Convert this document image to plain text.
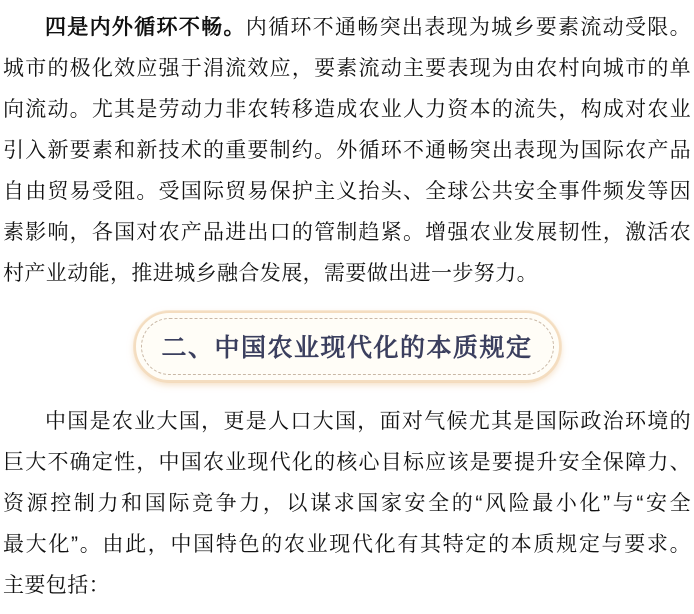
四是内外循环不畅。内循环不通畅突出表现为城乡要素流动受限。
城市的极化效应强于涓流效应，要素流动主要表现为由农村向城市的单
向流动。尤其是劳动力非农转移造成农业人力资本的流失，构成对农业
引入新要素和新技术的重要制约。外循环不通畅突出表现为国际农产品
自由贸易受阻。受国际贸易保护主义抬头、全球公共安全事件频发等因
素影响，各国对农产品进出口的管制趋紧。增强农业发展韧性，激活农
村产业动能，推进城乡融合发展，需要做出进一步努力。

二、中国农业现代化的本质规定

中国是农业大国，更是人口大国，面对气候尤其是国际政治环境的
巨大不确定性，中国农业现代化的核心目标应该是要提升安全保障力、
资源控制力和国际竞争力，以谋求国家安全的“风险最小化”与“安全
最大化”。由此，中国特色的农业现代化有其特定的本质规定与要求。
主要包括：
